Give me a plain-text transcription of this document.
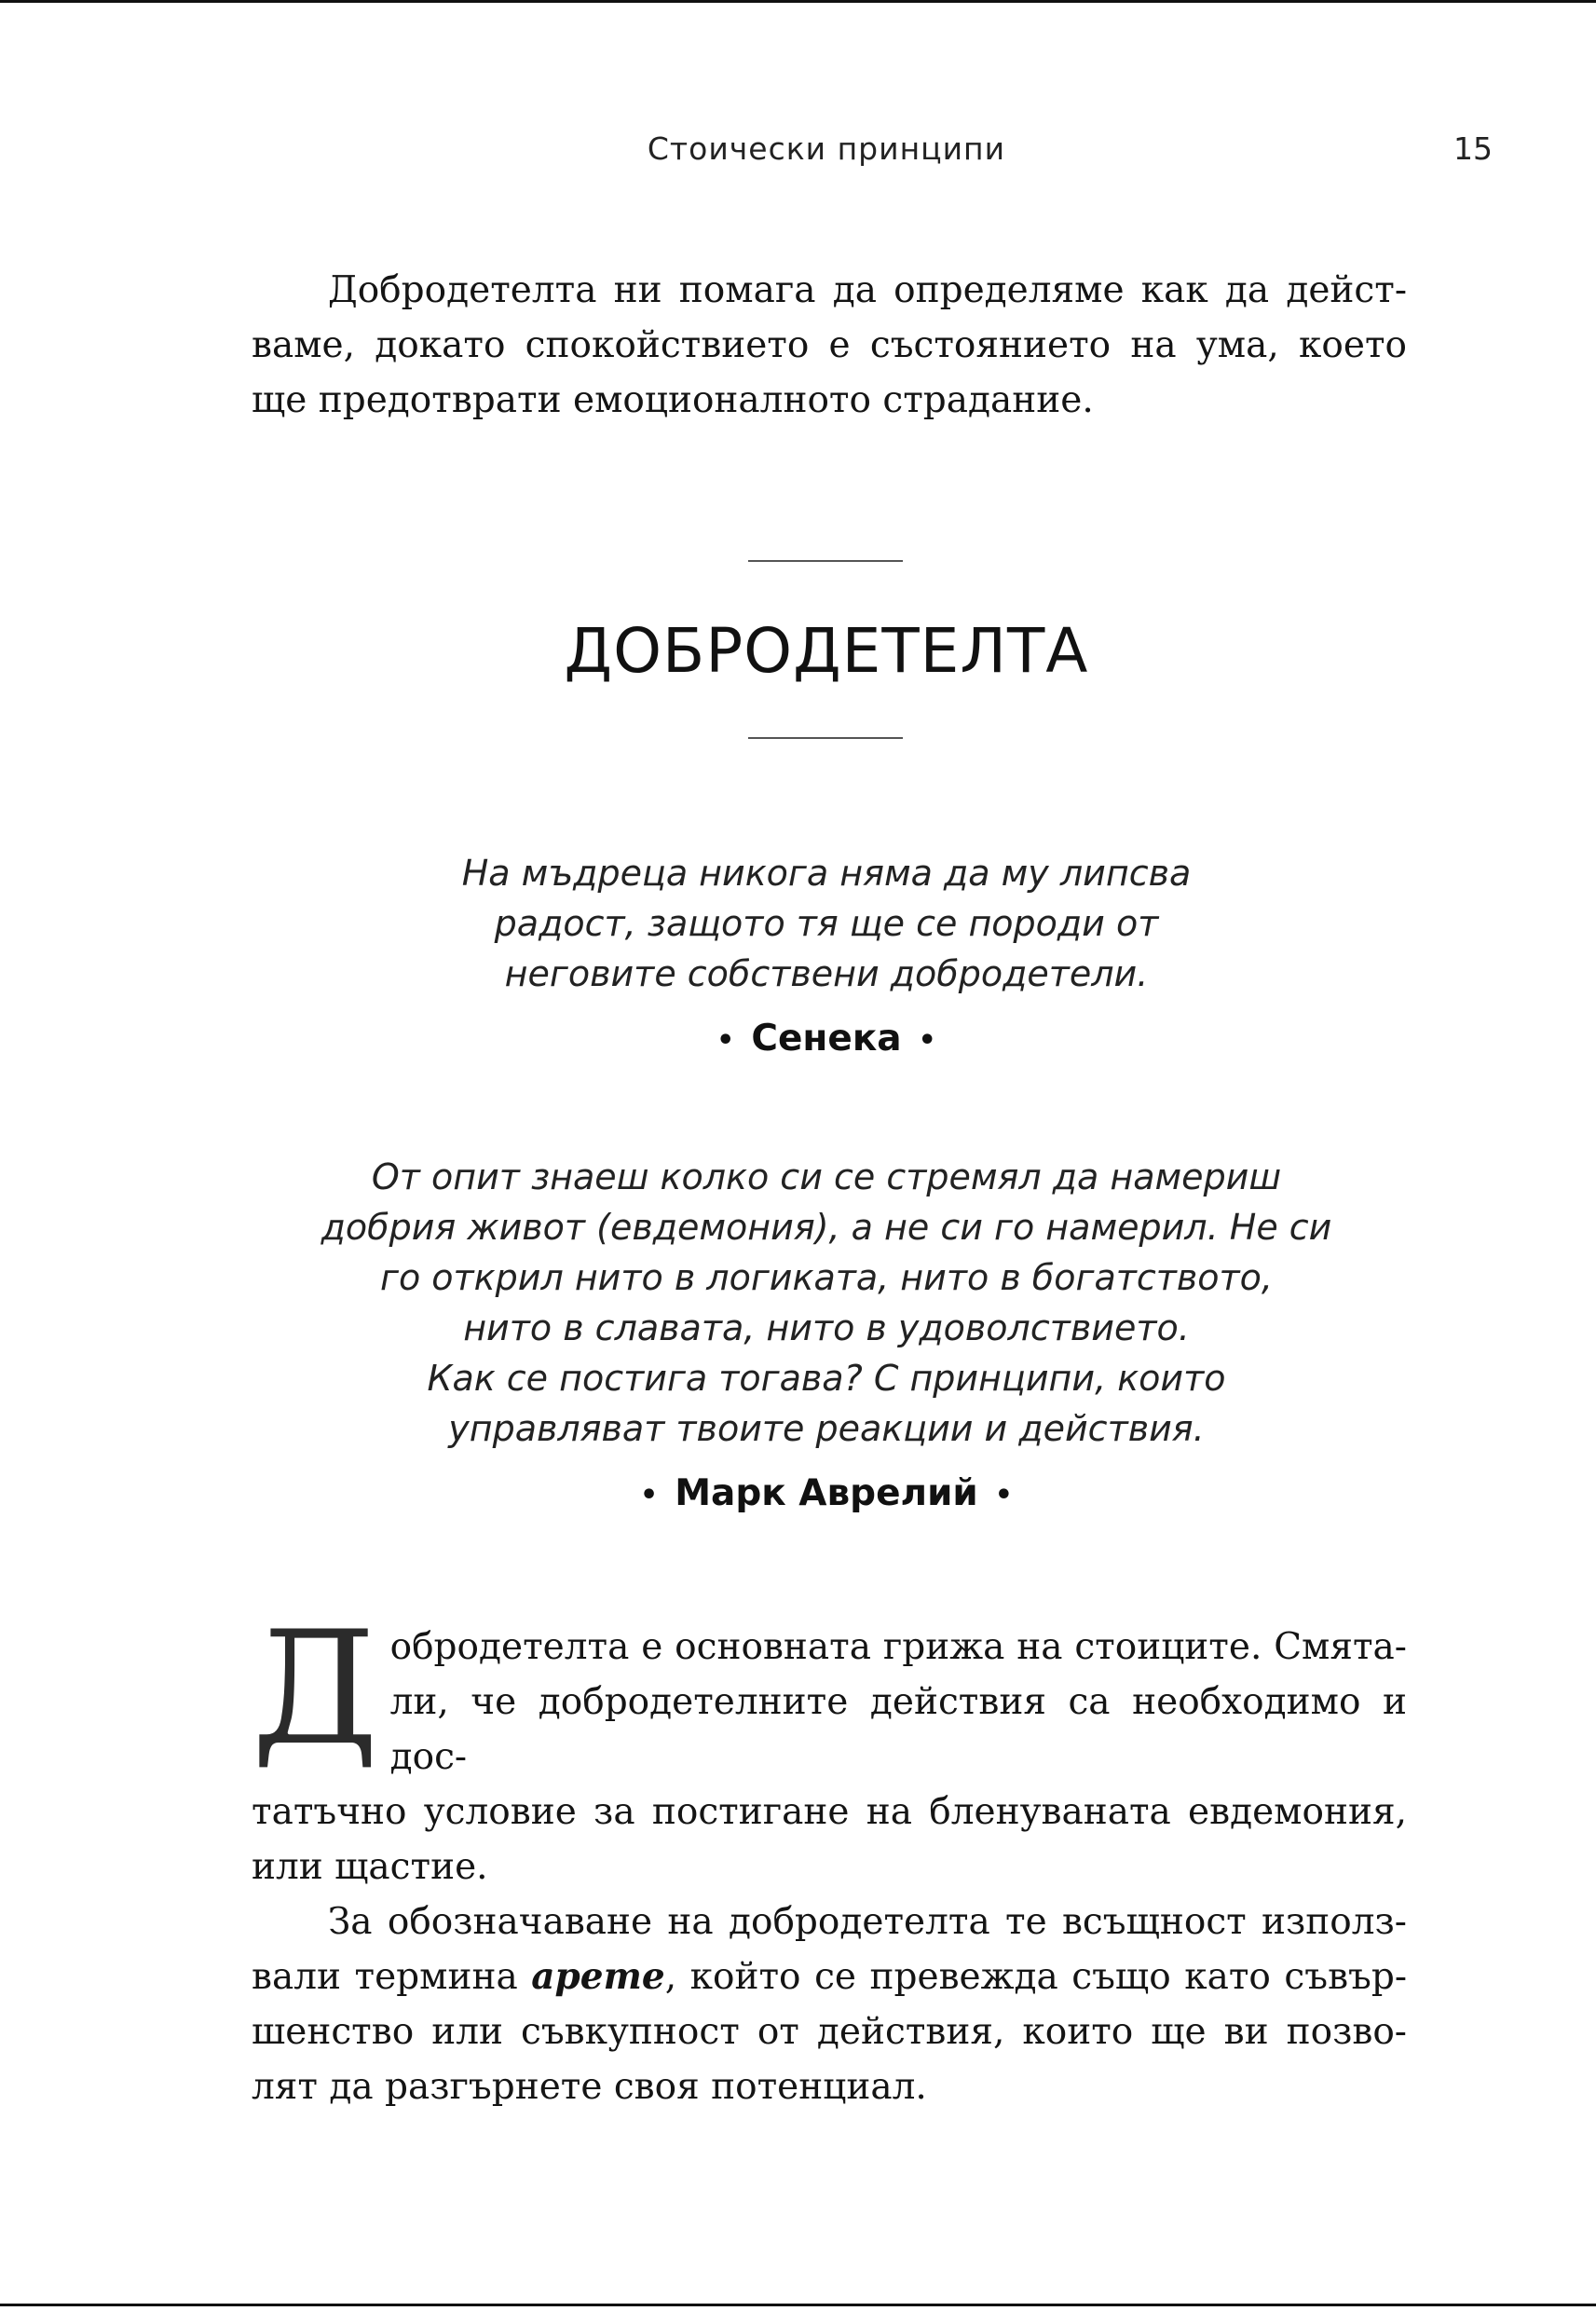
Стоически принципи	15
Добродетелта ни помага да определяме как да дейст-
ваме, докато спокойствието е състоянието на ума, което
ще предотврати емоционалното страдание.
ДОБРОДЕТЕЛТА

На мъдреца никога няма да му липсва
радост, защото тя ще се породи от
неговите собствени добродетели.

• Сенека •

От опит знаеш колко си се стремял да намериш
добрия живот (евдемония), а не си го намерил. Не си
го открил нито в логиката, нито в богатството,
нито в славата, нито в удоволствието.
Как се постига тогава? С принципи, които
управляват твоите реакции и действия.

• Марк Аврелий •
Д обродетелта е основната грижа на стоиците. Смята-
ли, че добродетелните действия са необходимо и дос-
татъчно условие за постигане на бленуваната евдемония,
или щастие.
За обозначаване на добродетелта те всъщност използ-
вали термина арете, който се превежда също като съвър-
шенство или съвкупност от действия, които ще ви позво-
лят да разгърнете своя потенциал.
